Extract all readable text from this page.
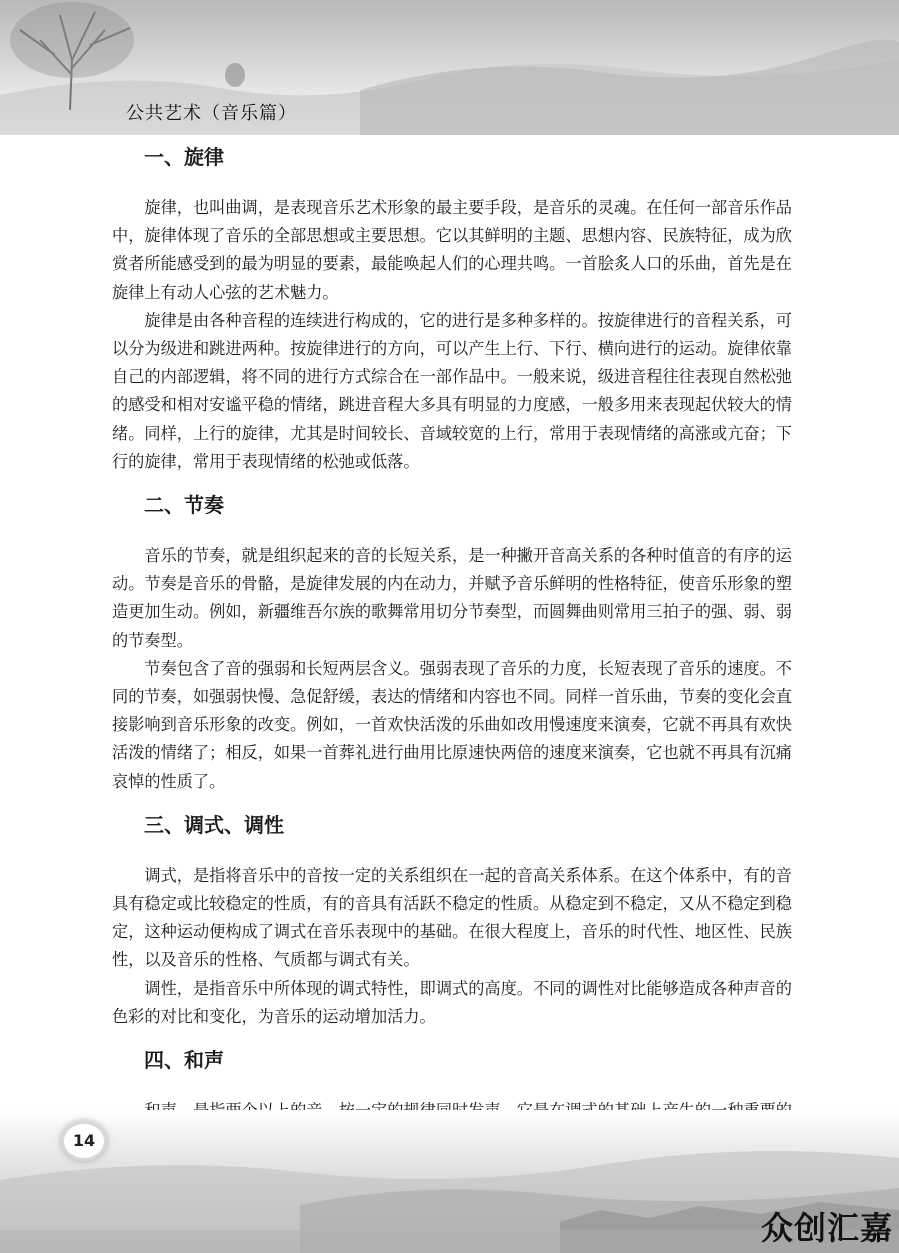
公共艺术（音乐篇）
一、旋律

旋律，也叫曲调，是表现音乐艺术形象的最主要手段，是音乐的灵魂。在任何一部音乐作品中，旋律体现了音乐的全部思想或主要思想。它以其鲜明的主题、思想内容、民族特征，成为欣赏者所能感受到的最为明显的要素，最能唤起人们的心理共鸣。一首脍炙人口的乐曲，首先是在旋律上有动人心弦的艺术魅力。

旋律是由各种音程的连续进行构成的，它的进行是多种多样的。按旋律进行的音程关系，可以分为级进和跳进两种。按旋律进行的方向，可以产生上行、下行、横向进行的运动。旋律依靠自己的内部逻辑，将不同的进行方式综合在一部作品中。一般来说，级进音程往往表现自然松弛的感受和相对安谧平稳的情绪，跳进音程大多具有明显的力度感，一般多用来表现起伏较大的情绪。同样，上行的旋律，尤其是时间较长、音域较宽的上行，常用于表现情绪的高涨或亢奋；下行的旋律，常用于表现情绪的松弛或低落。

二、节奏

音乐的节奏，就是组织起来的音的长短关系，是一种撇开音高关系的各种时值音的有序的运动。节奏是音乐的骨骼，是旋律发展的内在动力，并赋予音乐鲜明的性格特征，使音乐形象的塑造更加生动。例如，新疆维吾尔族的歌舞常用切分节奏型，而圆舞曲则常用三拍子的强、弱、弱的节奏型。

节奏包含了音的强弱和长短两层含义。强弱表现了音乐的力度，长短表现了音乐的速度。不同的节奏，如强弱快慢、急促舒缓，表达的情绪和内容也不同。同样一首乐曲，节奏的变化会直接影响到音乐形象的改变。例如，一首欢快活泼的乐曲如改用慢速度来演奏，它就不再具有欢快活泼的情绪了；相反，如果一首葬礼进行曲用比原速快两倍的速度来演奏，它也就不再具有沉痛哀悼的性质了。

三、调式、调性

调式，是指将音乐中的音按一定的关系组织在一起的音高关系体系。在这个体系中，有的音具有稳定或比较稳定的性质，有的音具有活跃不稳定的性质。从稳定到不稳定，又从不稳定到稳定，这种运动便构成了调式在音乐表现中的基础。在很大程度上，音乐的时代性、地区性、民族性，以及音乐的性格、气质都与调式有关。

调性，是指音乐中所体现的调式特性，即调式的高度。不同的调性对比能够造成各种声音的色彩的对比和变化，为音乐的运动增加活力。

四、和声

14
众创汇嘉
